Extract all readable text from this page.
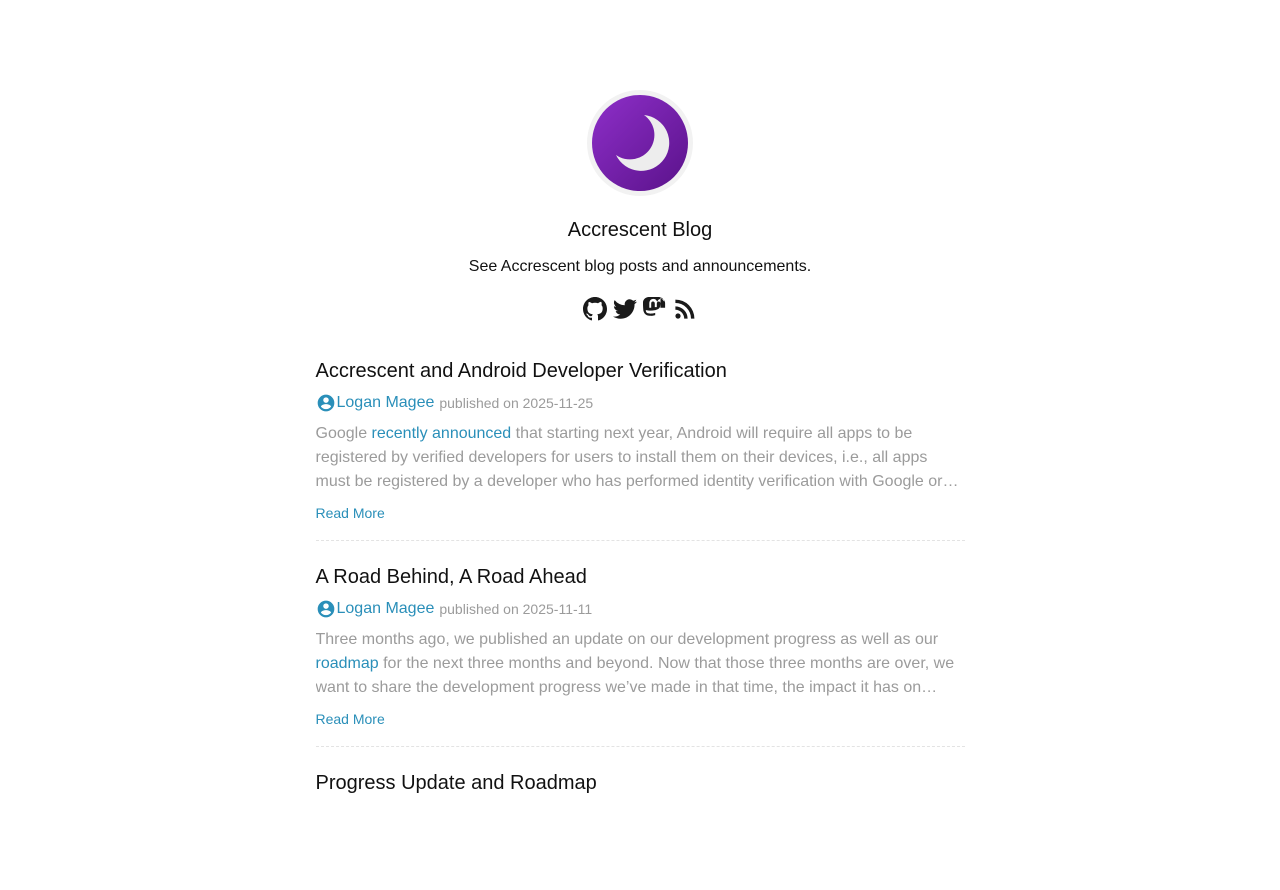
Accrescent Blog

See Accrescent blog posts and announcements.

Accrescent and Android Developer Verification
Logan Magee published on 2025-11-25
Google recently announced that starting next year, Android will require all apps to be registered by verified developers for users to install them on their devices, i.e., all apps must be registered by a developer who has performed identity verification with Google or…
Read More
A Road Behind, A Road Ahead
Logan Magee published on 2025-11-11
Three months ago, we published an update on our development progress as well as our roadmap for the next three months and beyond. Now that those three months are over, we want to share the development progress we’ve made in that time, the impact it has on…
Read More
Progress Update and Roadmap
